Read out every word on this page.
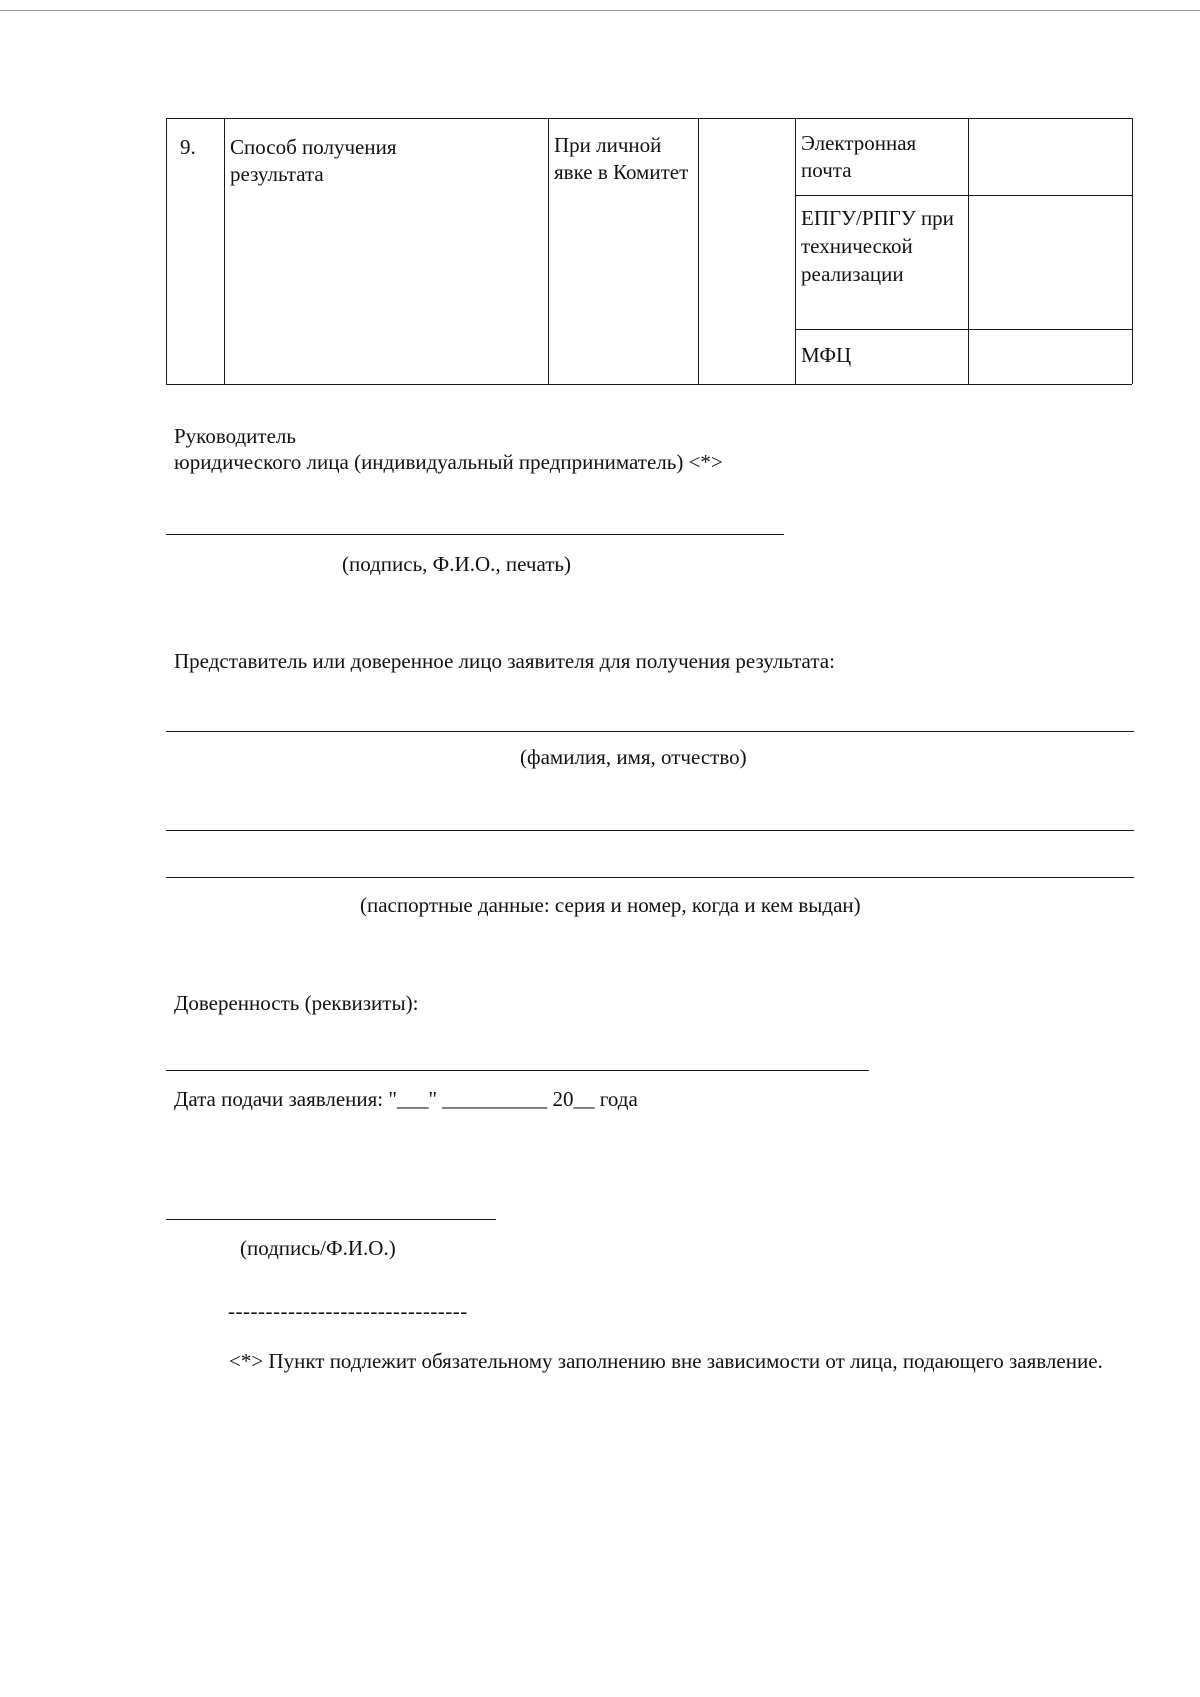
9. Способ получения результата
При личной явке в Комитет
Электронная почта
ЕПГУ/РПГУ при технической реализации
МФЦ
Руководитель
юридического лица (индивидуальный предприниматель) <*>
(подпись, Ф.И.О., печать)
Представитель или доверенное лицо заявителя для получения результата:
(фамилия, имя, отчество)
(паспортные данные: серия и номер, когда и кем выдан)
Доверенность (реквизиты):
Дата подачи заявления: "___" __________ 20__ года
(подпись/Ф.И.О.)
--------------------------------
<*> Пункт подлежит обязательному заполнению вне зависимости от лица, подающего заявление.
